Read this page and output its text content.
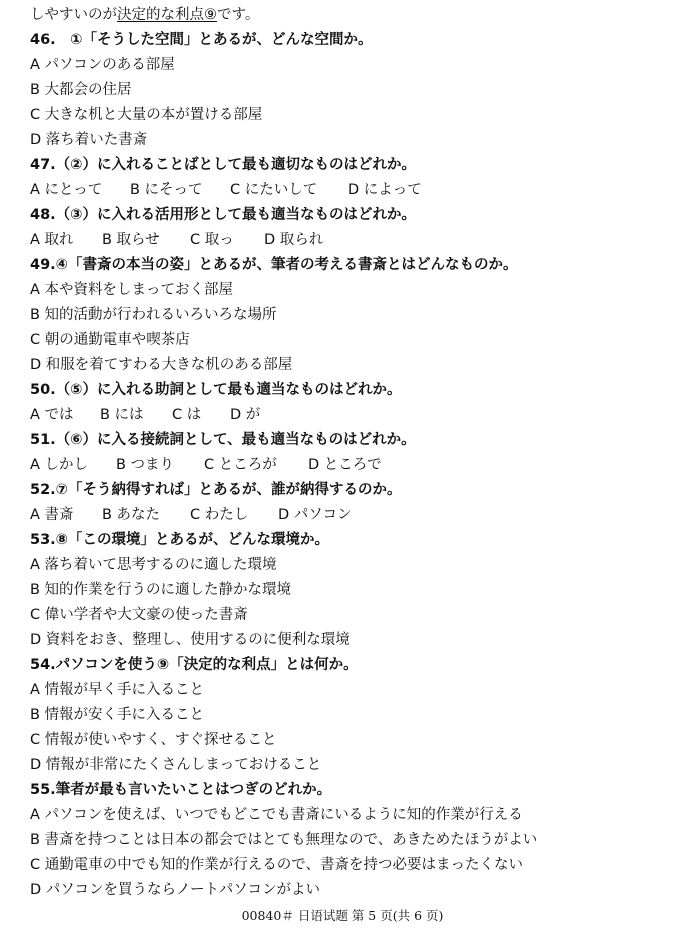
しやすいのが決定的な利点⑨です。
46.　①「そうした空間」とあるが、どんな空間か。
A パソコンのある部屋
B 大都会の住居
C 大きな机と大量の本が置ける部屋
D 落ち着いた書斎
47.（②）に入れることばとして最も適切なものはどれか。
A にとって B にそって C にたいして D によって
48.（③）に入れる活用形として最も適当なものはどれか。
A 取れ B 取らせ C 取っ D 取られ
49.④「書斎の本当の姿」とあるが、筆者の考える書斎とはどんなものか。
A 本や資料をしまっておく部屋
B 知的活動が行われるいろいろな場所
C 朝の通勤電車や喫茶店
D 和服を着てすわる大きな机のある部屋
50.（⑤）に入れる助詞として最も適当なものはどれか。
A では B には C は D が
51.（⑥）に入る接続詞として、最も適当なものはどれか。
A しかし B つまり C ところが D ところで
52.⑦「そう納得すれば」とあるが、誰が納得するのか。
A 書斎 B あなた C わたし D パソコン
53.⑧「この環境」とあるが、どんな環境か。
A 落ち着いて思考するのに適した環境
B 知的作業を行うのに適した静かな環境
C 偉い学者や大文豪の使った書斎
D 資料をおき、整理し、使用するのに便利な環境
54.パソコンを使う⑨「決定的な利点」とは何か。
A 情報が早く手に入ること
B 情報が安く手に入ること
C 情報が使いやすく、すぐ探せること
D 情報が非常にたくさんしまっておけること
55.筆者が最も言いたいことはつぎのどれか。
A パソコンを使えば、いつでもどこでも書斎にいるように知的作業が行える
B 書斎を持つことは日本の都会ではとても無理なので、あきためたほうがよい
C 通勤電車の中でも知的作業が行えるので、書斎を持つ必要はまったくない
D パソコンを買うならノートパソコンがよい
00840＃ 日语试题 第 5 页(共 6 页)
